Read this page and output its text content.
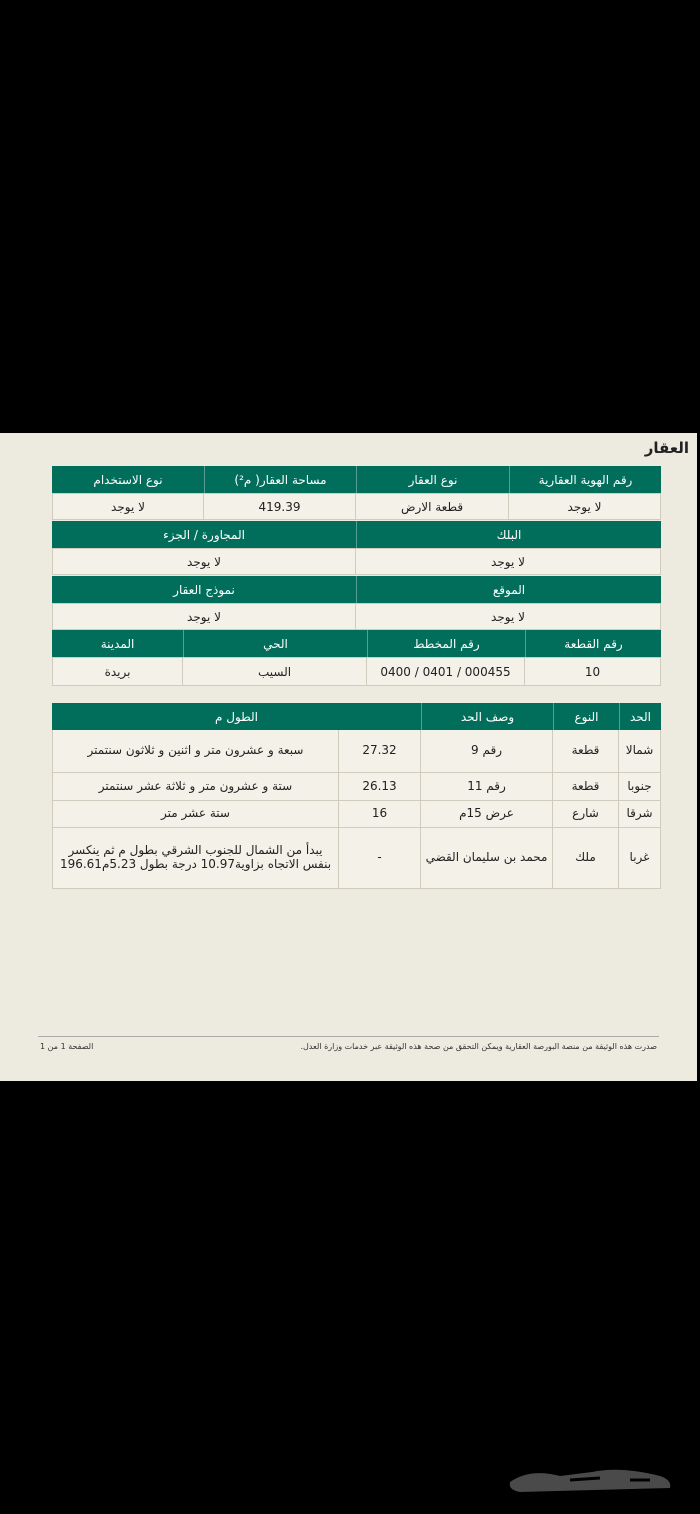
العقار
رقم الهوية العقارية
نوع العقار
مساحة العقار( م²)
نوع الاستخدام
لا يوجد
قطعة الارض
419.39
لا يوجد
البلك
المجاورة / الجزء
لا يوجد
لا يوجد
الموقع
نموذج العقار
لا يوجد
لا يوجد
رقم القطعة
رقم المخطط
الحي
المدينة
10
0400 / 0401 / 000455
السيب
بريدة
الحد
النوع
وصف الحد
الطول م
شمالا
قطعة
رقم 9
27.32
سبعة و عشرون متر و اثنين و ثلاثون سنتمتر
جنوبا
قطعة
رقم 11
26.13
ستة و عشرون متر و ثلاثة عشر سنتمتر
شرقا
شارع
عرض 15م
16
ستة عشر متر
غربا
ملك
محمد بن سليمان القضي
-
يبدأ من الشمال للجنوب الشرقي بطول م ثم ينكسر بنفس الاتجاه بزاوية10.97 درجة بطول 5.23م196.61
صدرت هذه الوثيقة من منصة البورصة العقارية ويمكن التحقق من صحة هذه الوثيقة عبر خدمات وزارة العدل.
الصفحة 1 من 1
